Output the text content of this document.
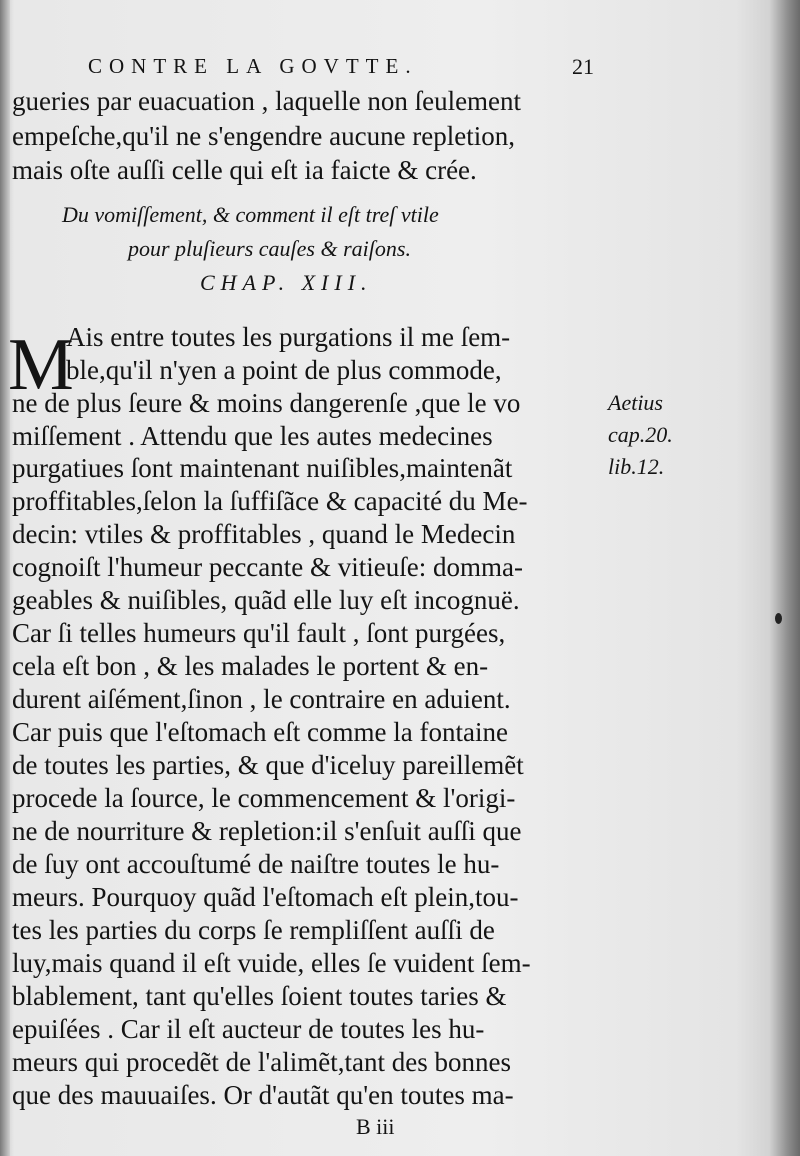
CONTRE LA GOVTTE.	21
gueries par euacuation , laquelle non ſeulement
empeſche,qu'il ne s'engendre aucune repletion,
mais oſte auſſi celle qui eſt ia faicte & crée.
Du vomiſſement, & comment il eſt treſ vtile
pour pluſieurs cauſes & raiſons.
CHAP. XIII.
M
Ais entre toutes les purgations il me ſem-
ble,qu'il n'yen a point de plus commode,
ne de plus ſeure & moins dangerenſe ,que le vo
miſſement . Attendu que les autes medecines
purgatiues ſont maintenant nuiſibles,maintenãt
proffitables,ſelon la ſuffiſãce & capacité du Me-
decin: vtiles & proffitables , quand le Medecin
cognoiſt l'humeur peccante & vitieuſe: domma-
geables & nuiſibles, quãd elle luy eſt incognuë.
Car ſi telles humeurs qu'il fault , ſont purgées,
cela eſt bon , & les malades le portent & en-
durent aiſément,ſinon , le contraire en aduient.
Car puis que l'eſtomach eſt comme la fontaine
de toutes les parties, & que d'iceluy pareillemẽt
procede la ſource, le commencement & l'origi-
ne de nourriture & repletion:il s'enſuit auſſi que
de ſuy ont accouſtumé de naiſtre toutes le hu-
meurs. Pourquoy quãd l'eſtomach eſt plein,tou-
tes les parties du corps ſe rempliſſent auſſi de
luy,mais quand il eſt vuide, elles ſe vuident ſem-
blablement, tant qu'elles ſoient toutes taries &
epuiſées . Car il eſt aucteur de toutes les hu-
meurs qui procedẽt de l'alimẽt,tant des bonnes
que des mauuaiſes. Or d'autãt qu'en toutes ma-
Aetius
cap.20.
lib.12.
B iii
